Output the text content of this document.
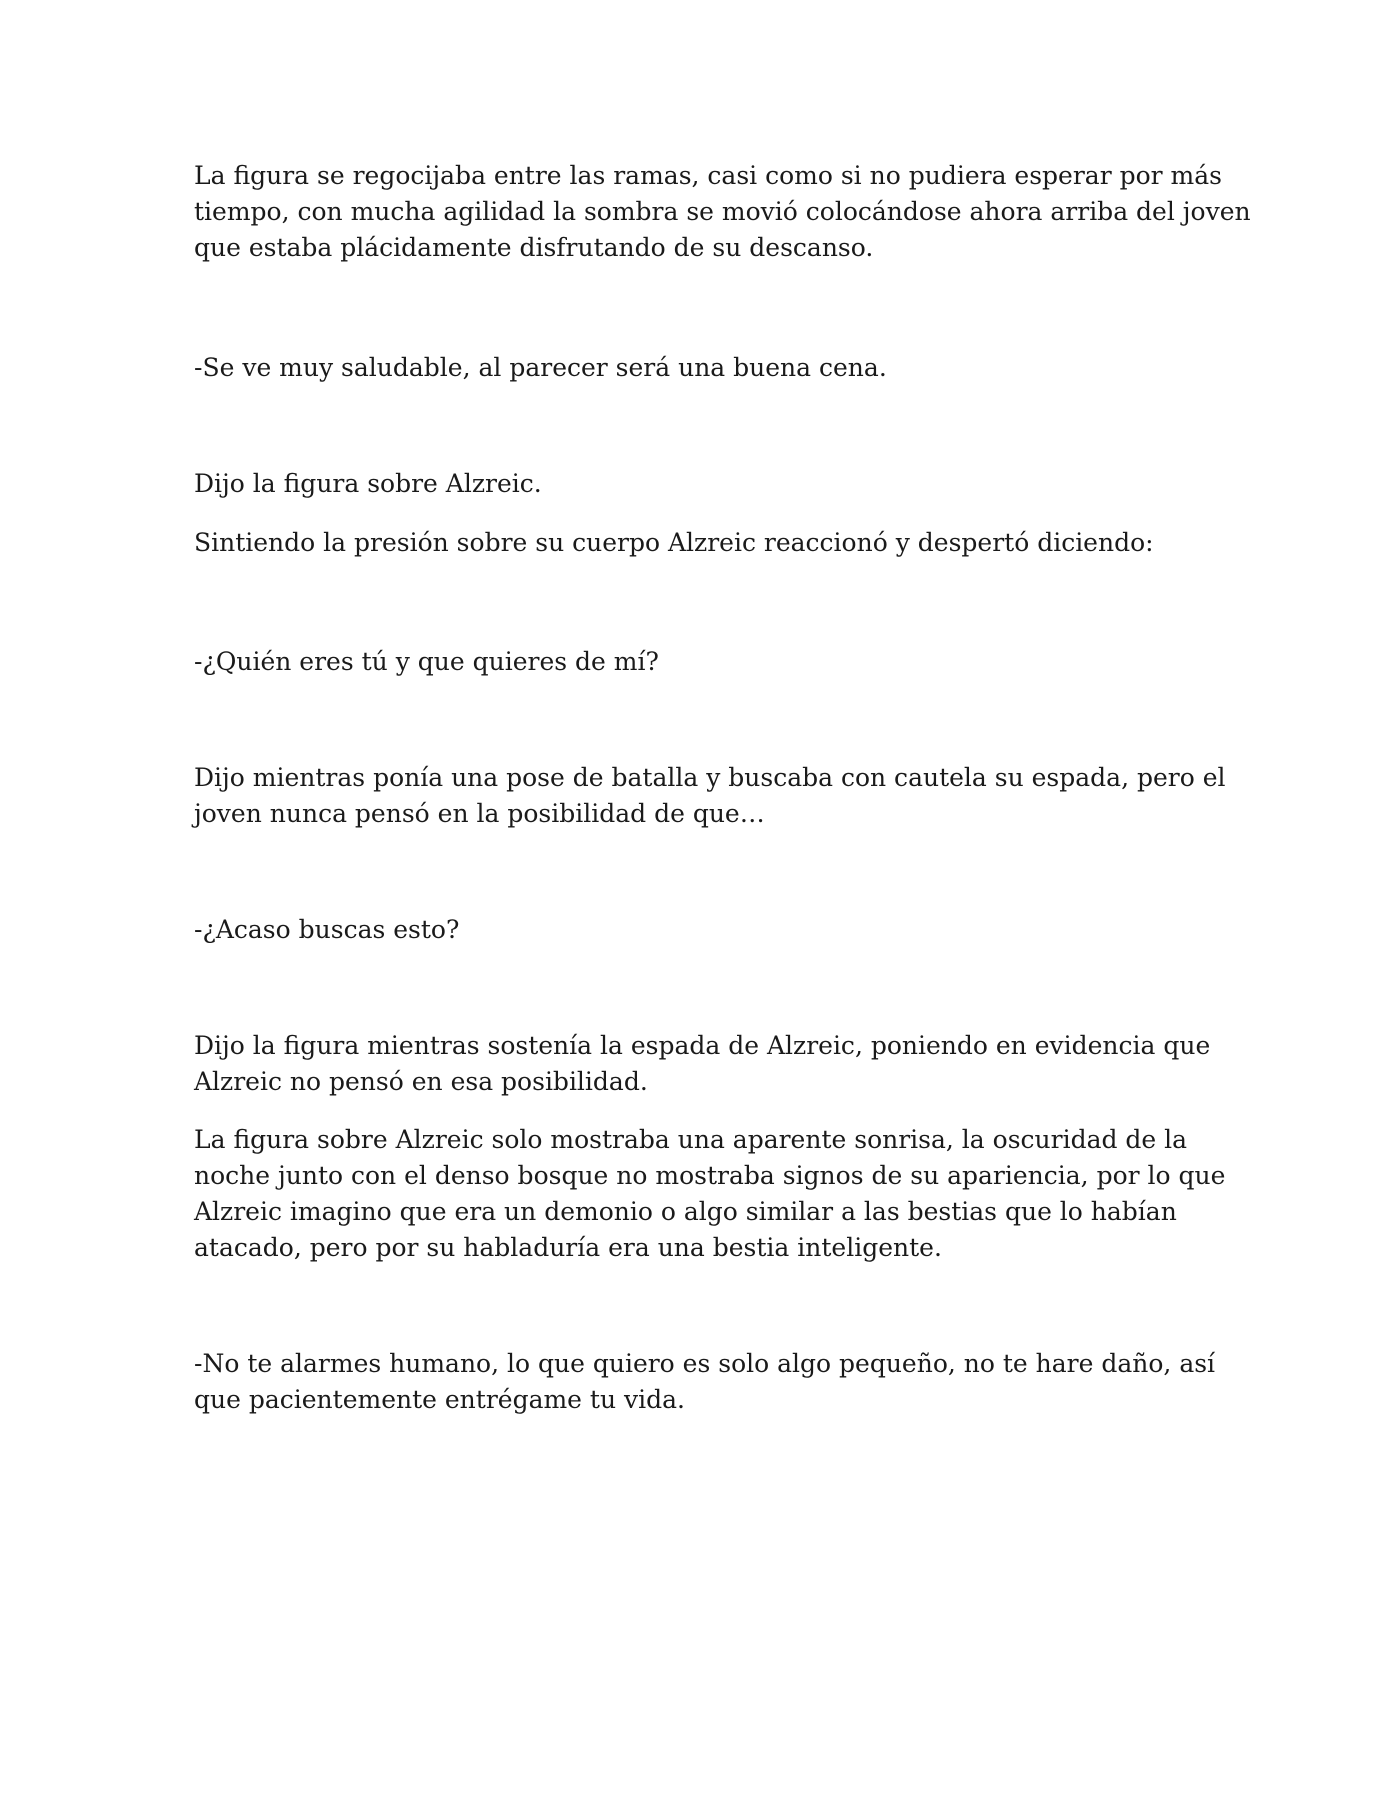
La figura se regocijaba entre las ramas, casi como si no pudiera esperar por más
tiempo, con mucha agilidad la sombra se movió colocándose ahora arriba del joven
que estaba plácidamente disfrutando de su descanso.

-Se ve muy saludable, al parecer será una buena cena.

Dijo la figura sobre Alzreic.

Sintiendo la presión sobre su cuerpo Alzreic reaccionó y despertó diciendo:

-¿Quién eres tú y que quieres de mí?

Dijo mientras ponía una pose de batalla y buscaba con cautela su espada, pero el
joven nunca pensó en la posibilidad de que…

-¿Acaso buscas esto?

Dijo la figura mientras sostenía la espada de Alzreic, poniendo en evidencia que
Alzreic no pensó en esa posibilidad.

La figura sobre Alzreic solo mostraba una aparente sonrisa, la oscuridad de la
noche junto con el denso bosque no mostraba signos de su apariencia, por lo que
Alzreic imagino que era un demonio o algo similar a las bestias que lo habían
atacado, pero por su habladuría era una bestia inteligente.

-No te alarmes humano, lo que quiero es solo algo pequeño, no te hare daño, así
que pacientemente entrégame tu vida.
